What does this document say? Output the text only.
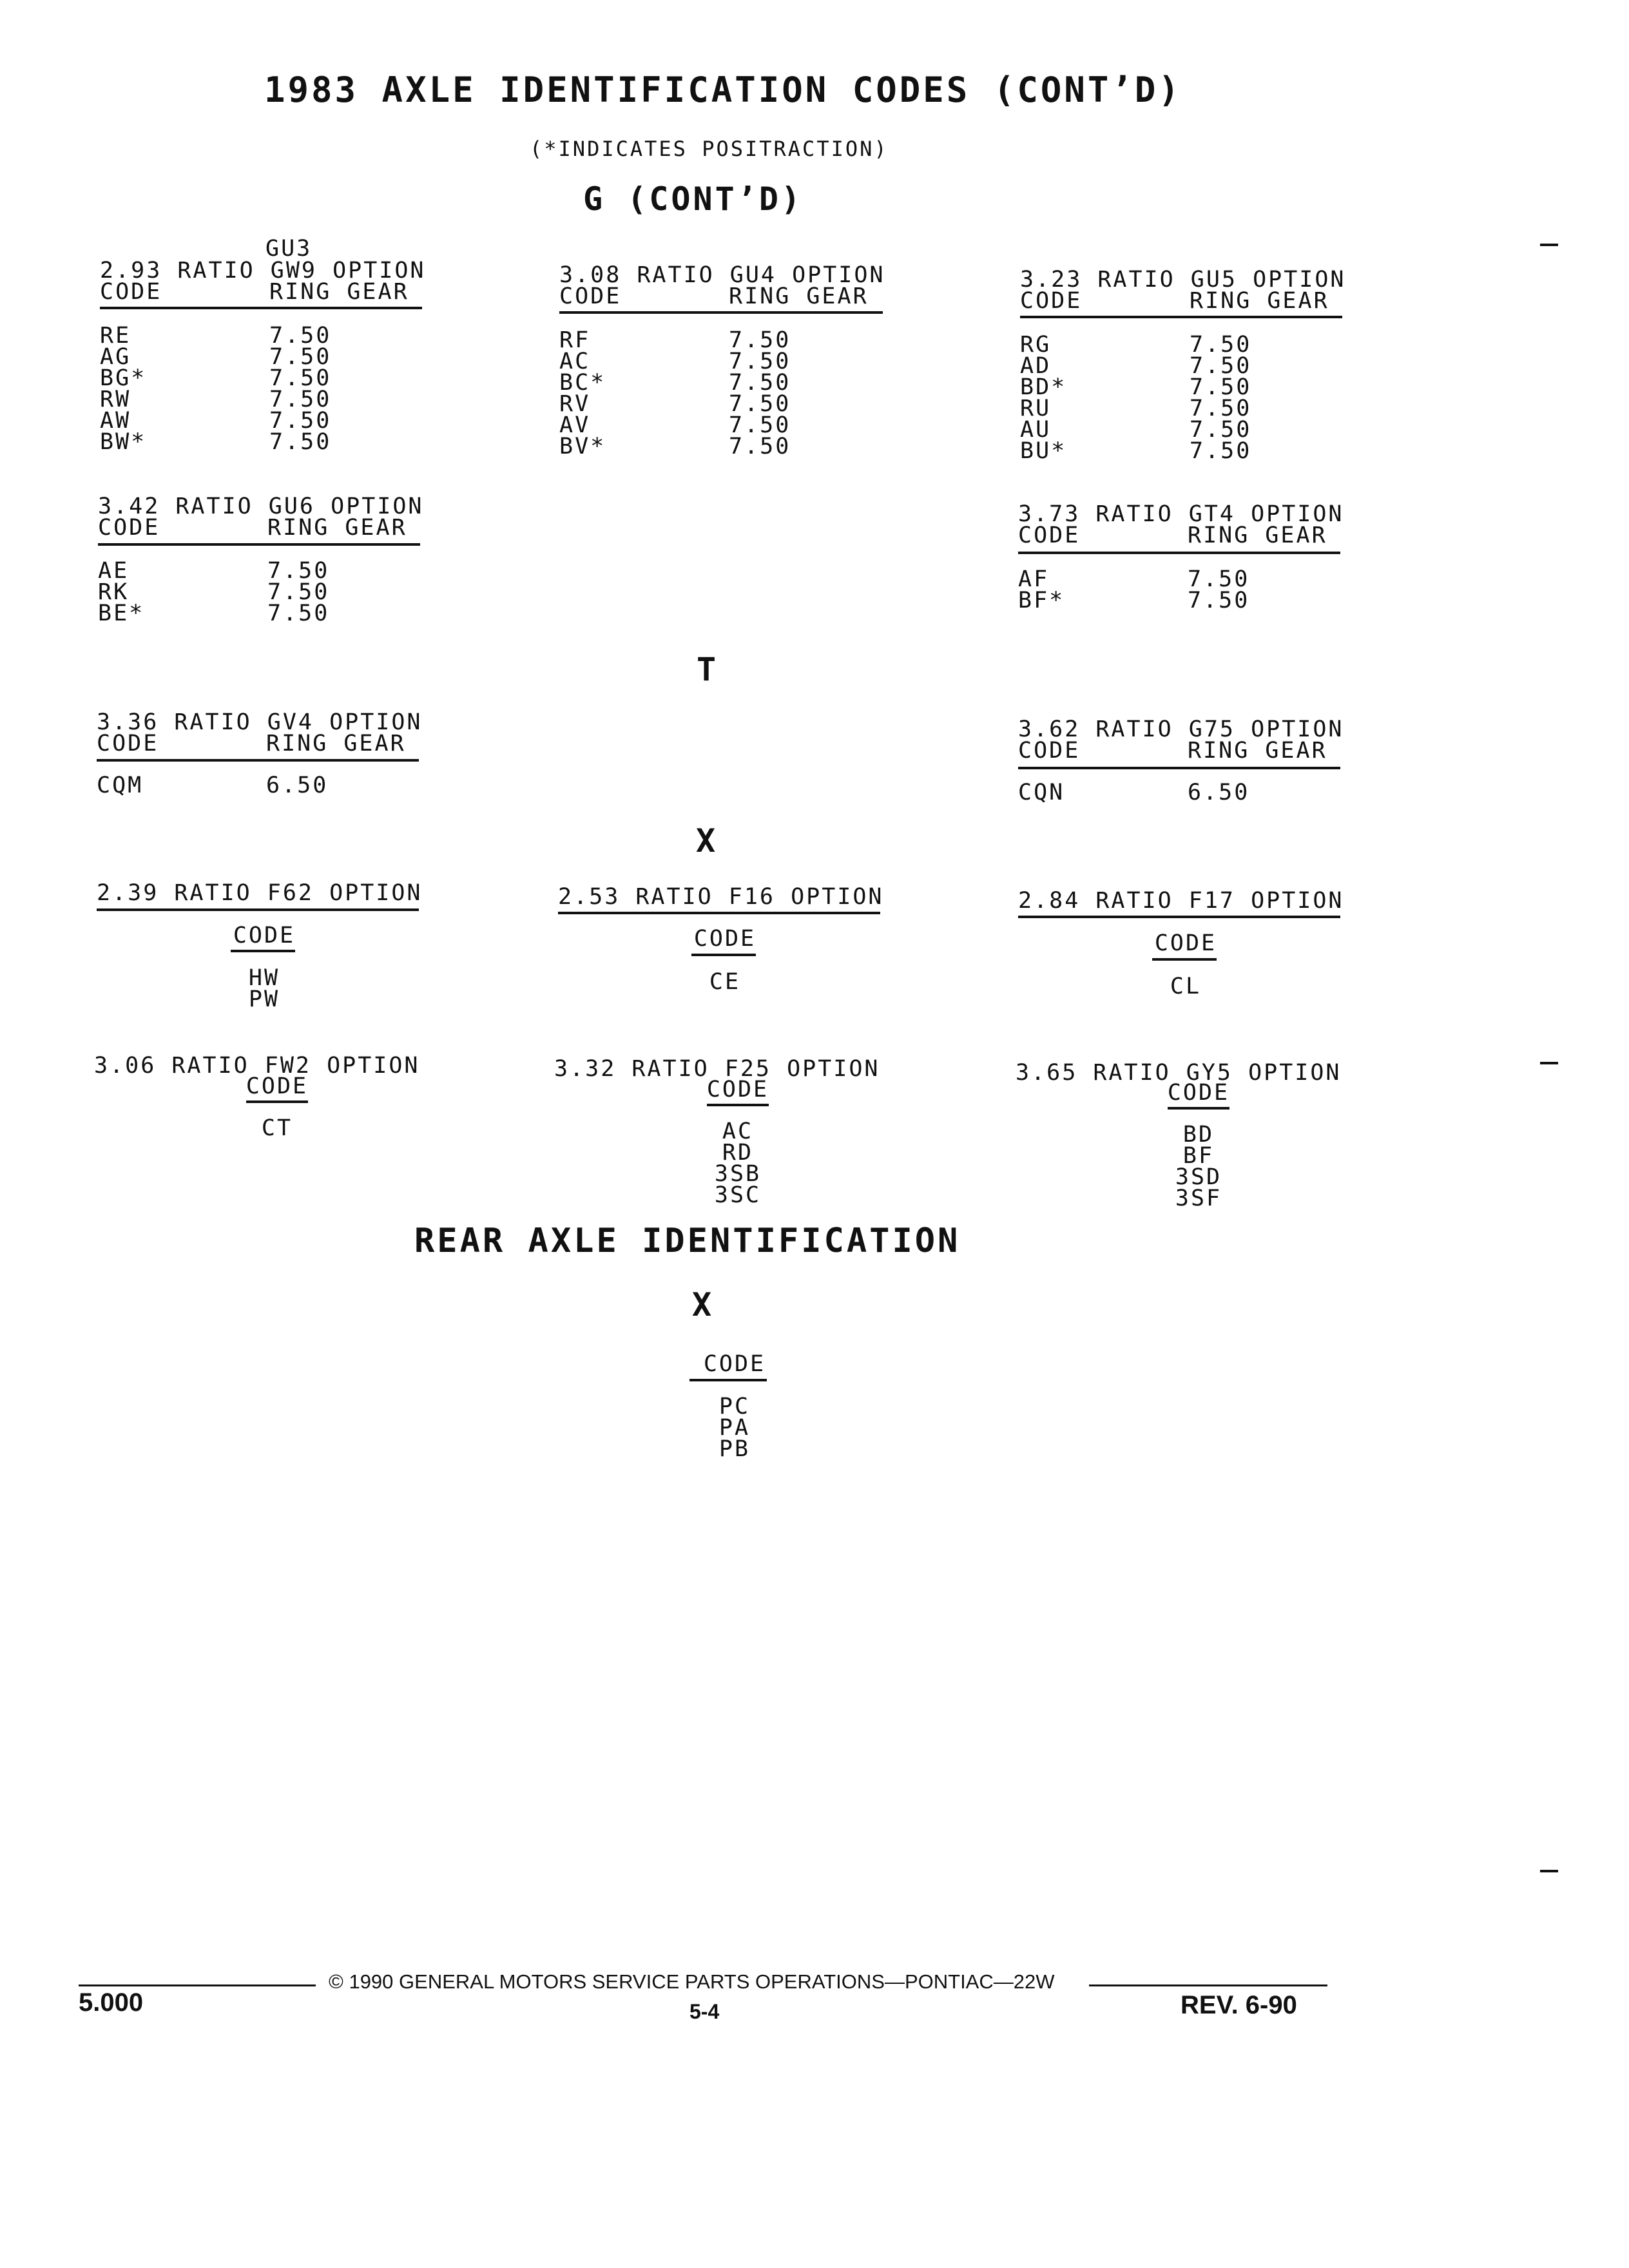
1983 AXLE IDENTIFICATION CODES (CONT’D)
(*INDICATES POSITRACTION)
G (CONT’D)
GU3
2.93 RATIO GW9 OPTION
CODE	RING GEAR
RE	7.50
AG	7.50
BG*	7.50
RW	7.50
AW	7.50
BW*	7.50
3.08 RATIO GU4 OPTION
CODE	RING GEAR
RF	7.50
AC	7.50
BC*	7.50
RV	7.50
AV	7.50
BV*	7.50
3.23 RATIO GU5 OPTION
CODE	RING GEAR
RG	7.50
AD	7.50
BD*	7.50
RU	7.50
AU	7.50
BU*	7.50
3.42 RATIO GU6 OPTION
CODE	RING GEAR
AE	7.50
RK	7.50
BE*	7.50
3.73 RATIO GT4 OPTION
CODE	RING GEAR
AF	7.50
BF*	7.50
T
3.36 RATIO GV4 OPTION
CODE	RING GEAR
CQM	6.50
3.62 RATIO G75 OPTION
CODE	RING GEAR
CQN	6.50
X
2.39 RATIO F62 OPTION
CODE
HW
PW
2.53 RATIO F16 OPTION
CODE
CE
2.84 RATIO F17 OPTION
CODE
CL
3.06 RATIO FW2 OPTION
CODE
CT
3.32 RATIO F25 OPTION
CODE
AC
RD
3SB
3SC
3.65 RATIO GY5 OPTION
CODE
BD
BF
3SD
3SF
REAR AXLE IDENTIFICATION
X
CODE
PC
PA
PB
© 1990 GENERAL MOTORS SERVICE PARTS OPERATIONS—PONTIAC—22W
5.000	5-4	REV. 6-90
